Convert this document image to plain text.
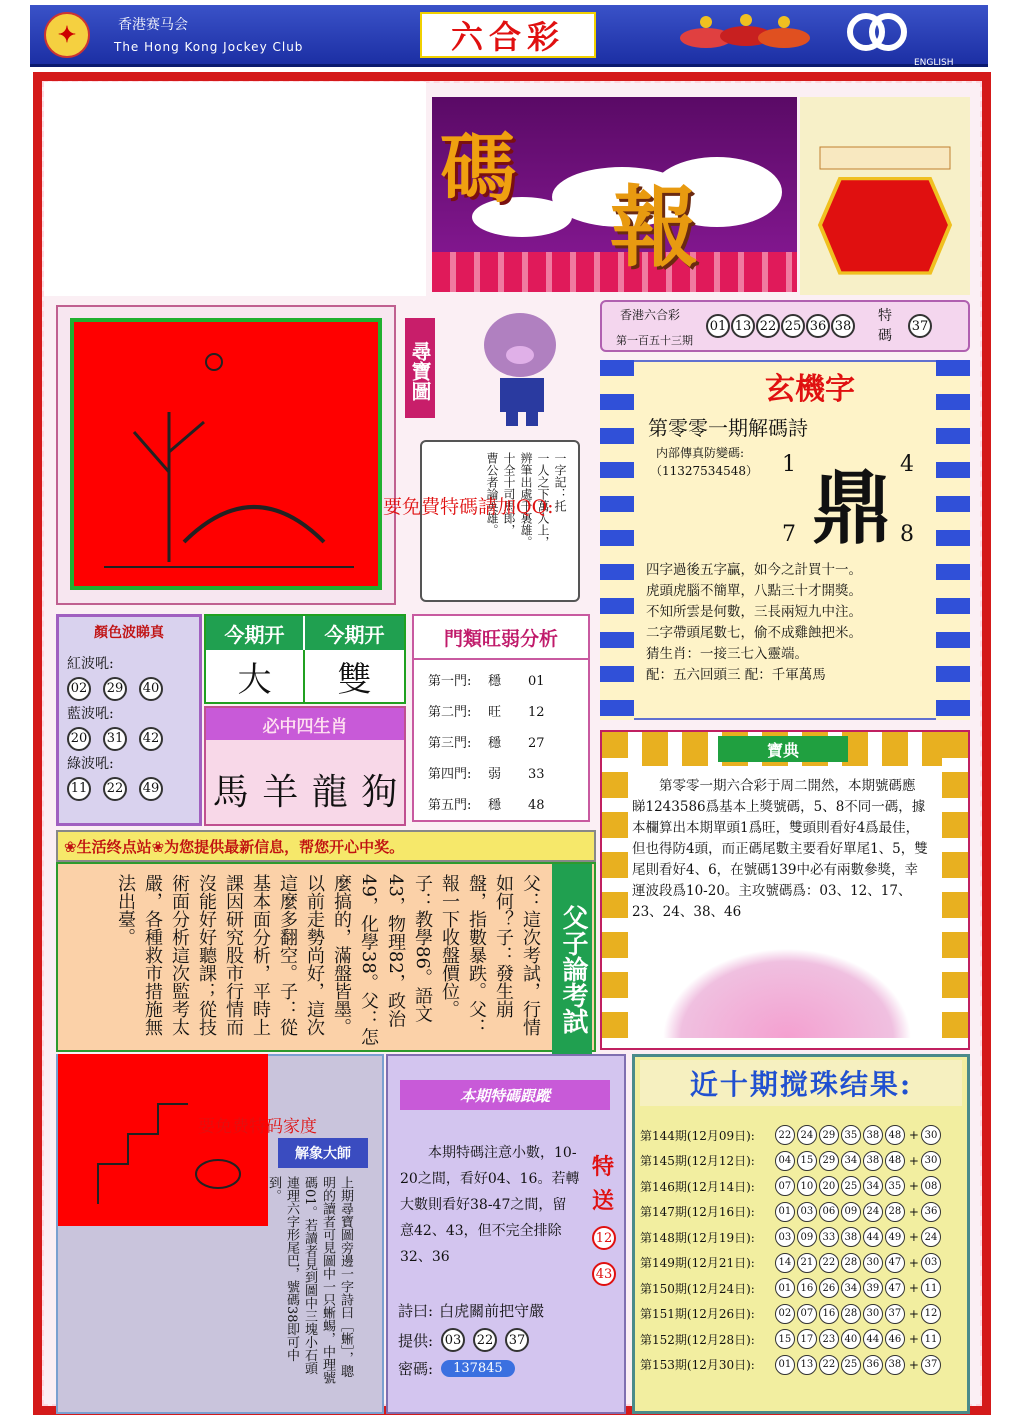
✦	香港赛马会
The Hong Kong Jockey Club	六合彩
ENGLISH
碼
報
尋寶圖
一字記：托
一人之下萬人上，
辨筆出處千裏雄。
十全十司馬郎，
曹公者論英雄。
要免費特碼請加QQ:
香港六合彩
第一百五十三期
01 13 22 25 36 38
特碼
37
玄機字
第零零一期解碼詩
内部傳真防變碼:
（11327534548） 鼎
1	4
7	8
四字過後五字贏，如今之計買十一。
虎頭虎腦不簡單，八點三十才開獎。
不知所雲是何數，三長兩短九中注。
二字帶頭尾數七，偷不成雞蝕把米。
猜生肖：一接三七入靈端。
配：五六回頭三 配：千軍萬馬
顏色波睇真
紅波吼:
02 29 40
藍波吼:
20 31 42
綠波吼:
11 22 49
今期开	今期开
大	雙
必中四生肖
馬 羊 龍 狗
門類旺弱分析
第一門:	穩	01
第二門:	旺	12
第三門:	穩	27
第四門:	弱	33
第五門:	穩	48
❀生活终点站❀为您提供最新信息，帮您开心中奖。
父子論考試
父：這次考試，行情如何？子：發生崩盤，指數暴跌。父：報一下收盤價位。子：教學86。語文43，物理82，政治49，化學38。父：怎麼搞的，滿盤皆墨。以前走勢尚好，這次這麼多翻空。子：從基本面分析，平時上課因研究股市行情而沒能好好聽課；從技術面分析這次監考太嚴，各種救市措施無法出臺。
寶典
第零零一期六合彩于周二開然，本期號碼應睇1243586爲基本上獎號碼，5、8不同一碼，據本欄算出本期單頭1爲旺，雙頭則看好4爲最佳，但也得防4頭，而正碼尾數主要看好單尾1、5，雙尾則看好4、6，在號碼139中必有兩數參獎，幸運波段爲10-20。主攻號碼爲：03、12、17、23、24、38、46
要免费特码家度
解象大師
上期尋寶圖旁邊一字詩曰［蜥］，聰明的讀者可見圖中一只蜥蜴，中理號碼01。若讀者見到圖中三塊小石頭連理六字形尾巴，號碼38即可中到。
本期特碼跟蹤
本期特碼注意小數，10-20之間，看好04、16。若轉大數則看好38-47之間，留意42、43，但不完全排除32、36
特
送
12
43
詩曰: 白虎關前把守嚴
提供: 03 22 37
密碼:	137845
近十期搅珠结果:
第144期 (12月09日):	22 24 29 35 38 48 + 30
第145期 (12月12日):	04 15 29 34 38 48 + 30
第146期 (12月14日):	07 10 20 25 34 35 + 08
第147期 (12月16日):	01 03 06 09 24 28 + 36
第148期 (12月19日):	03 09 33 38 44 49 + 24
第149期 (12月21日):	14 21 22 28 30 47 + 03
第150期 (12月24日):	01 16 26 34 39 47 + 11
第151期 (12月26日):	02 07 16 28 30 37 + 12
第152期 (12月28日):	15 17 23 40 44 46 + 11
第153期 (12月30日):	01 13 22 25 36 38 + 37
